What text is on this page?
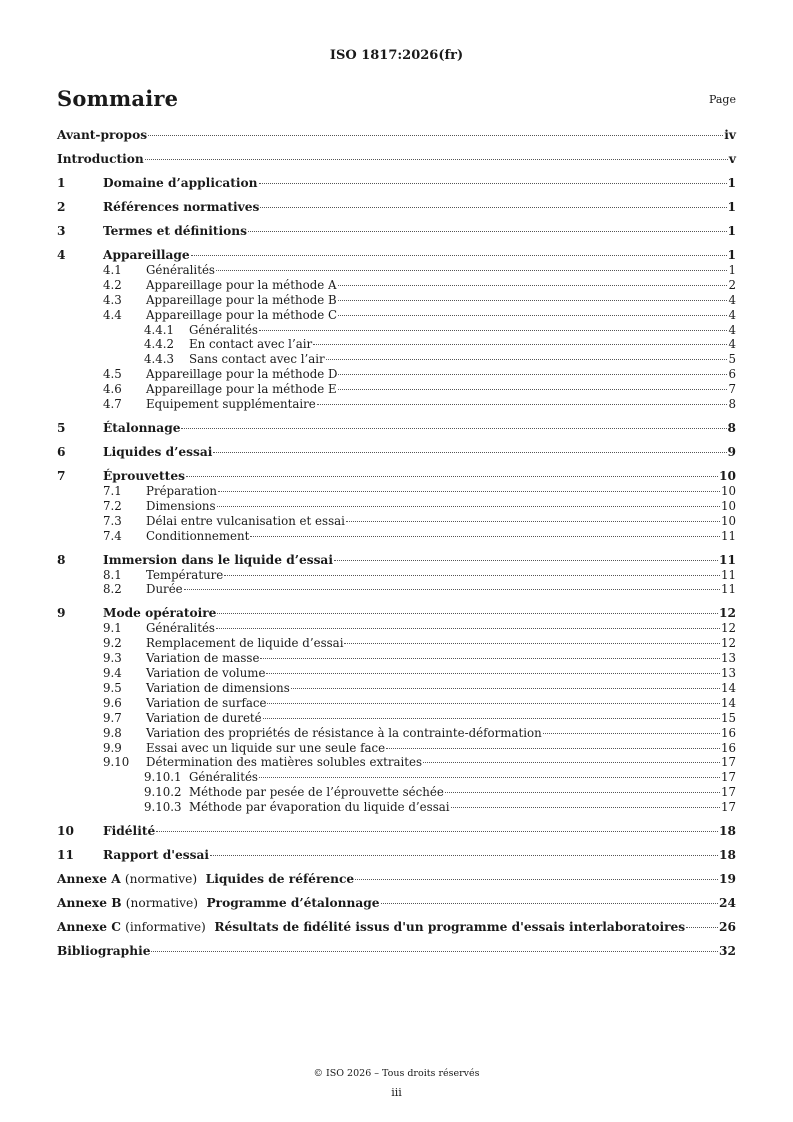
ISO 1817:2026(fr)
Sommaire	Page
Avant-propos	iv
Introduction	v
1	Domaine d’application	1
2	Références normatives	1
3	Termes et définitions	1
4	Appareillage	1
4.1	Généralités	1
4.2	Appareillage pour la méthode A	2
4.3	Appareillage pour la méthode B	4
4.4	Appareillage pour la méthode C	4
4.4.1	Généralités	4
4.4.2	En contact avec l’air	4
4.4.3	Sans contact avec l’air	5
4.5	Appareillage pour la méthode D	6
4.6	Appareillage pour la méthode E	7
4.7	Equipement supplémentaire	8
5	Étalonnage	8
6	Liquides d’essai	9
7	Éprouvettes	10
7.1	Préparation	10
7.2	Dimensions	10
7.3	Délai entre vulcanisation et essai	10
7.4	Conditionnement	11
8	Immersion dans le liquide d’essai	11
8.1	Température	11
8.2	Durée	11
9	Mode opératoire	12
9.1	Généralités	12
9.2	Remplacement de liquide d’essai	12
9.3	Variation de masse	13
9.4	Variation de volume	13
9.5	Variation de dimensions	14
9.6	Variation de surface	14
9.7	Variation de dureté	15
9.8	Variation des propriétés de résistance à la contrainte-déformation	16
9.9	Essai avec un liquide sur une seule face	16
9.10	Détermination des matières solubles extraites	17
9.10.1 Généralités	17
9.10.2 Méthode par pesée de l’éprouvette séchée	17
9.10.3 Méthode par évaporation du liquide d’essai	17
10	Fidélité	18
11	Rapport d'essai	18
Annexe A (normative) Liquides de référence	19
Annexe B (normative) Programme d’étalonnage	24
Annexe C (informative) Résultats de fidélité issus d'un programme d'essais interlaboratoires	26
Bibliographie	32
© ISO 2026 – Tous droits réservés
iii
